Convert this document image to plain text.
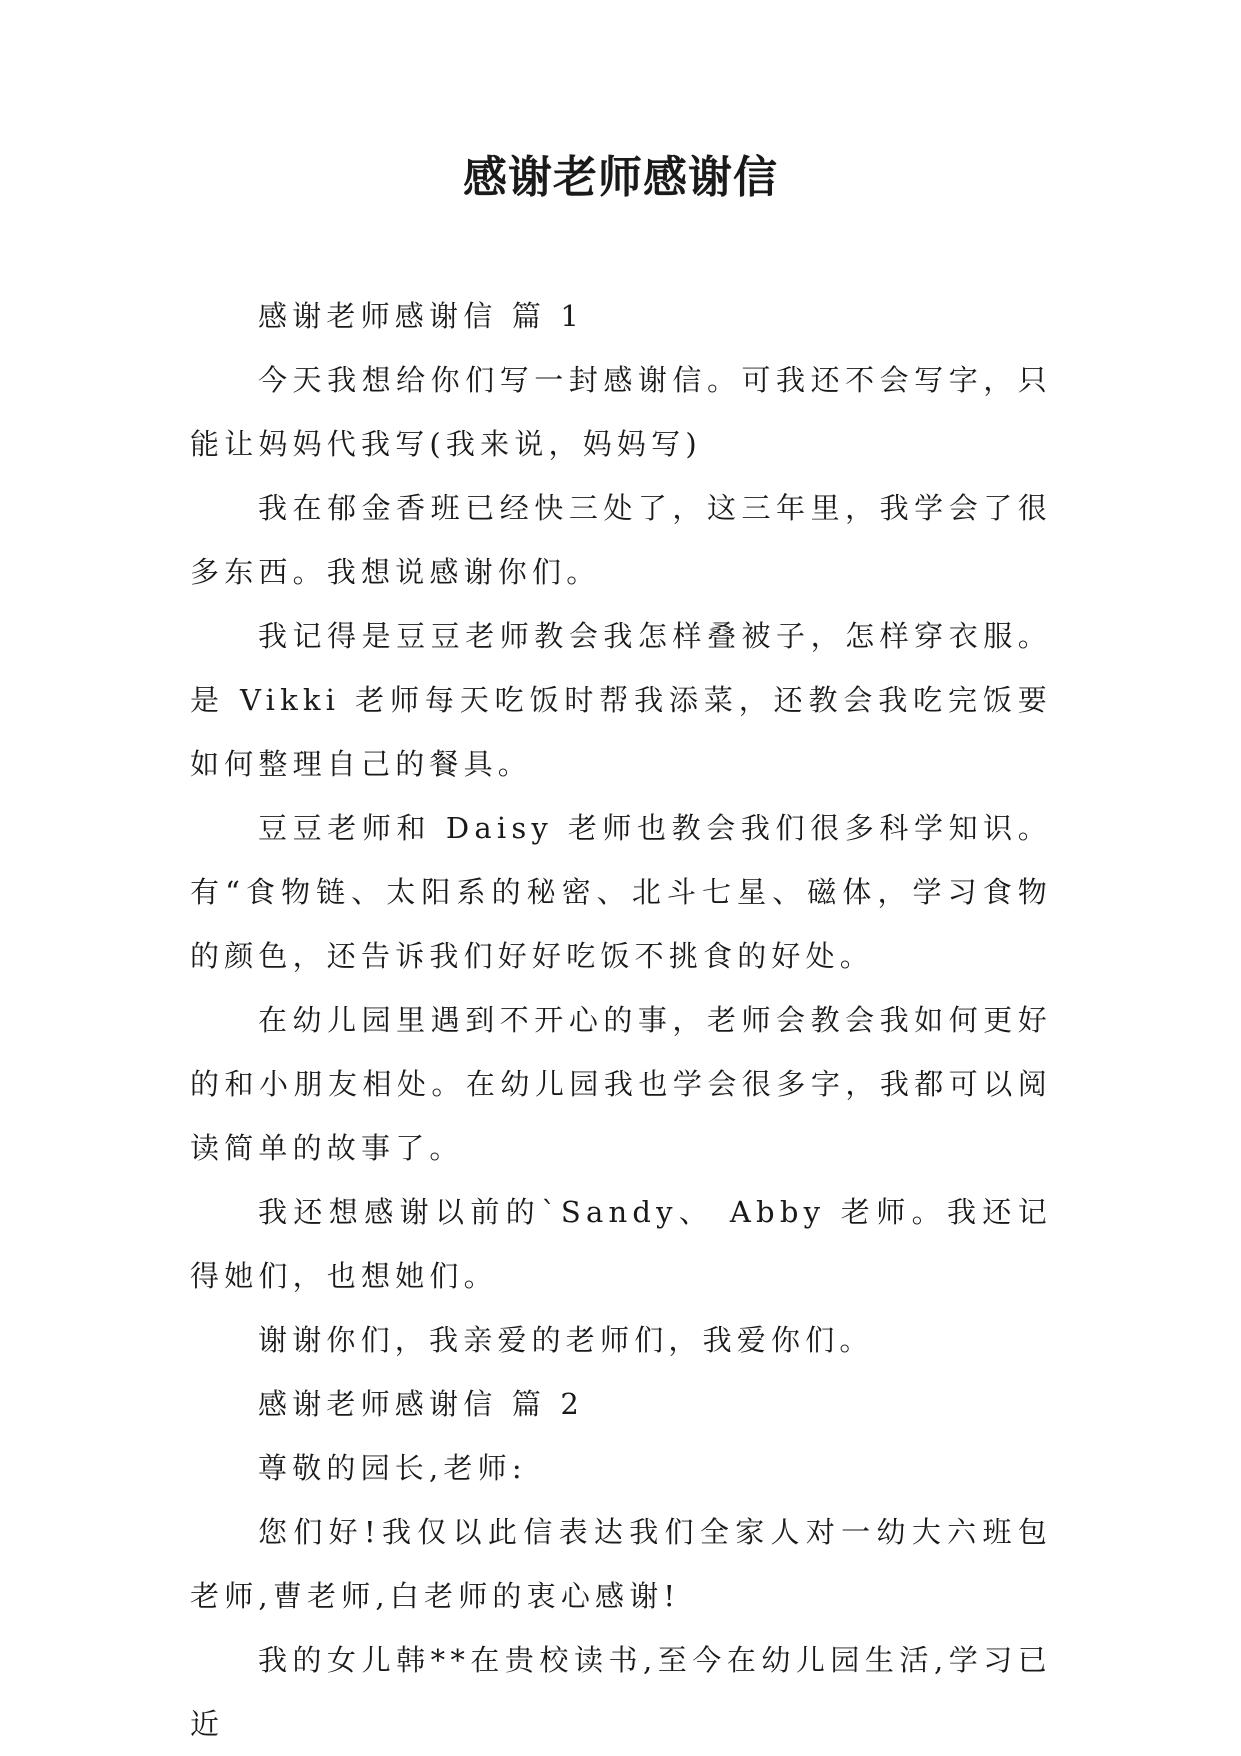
感谢老师感谢信

感谢老师感谢信 篇 1

今天我想给你们写一封感谢信。可我还不会写字，只能让妈妈代我写(我来说，妈妈写)

我在郁金香班已经快三处了，这三年里，我学会了很多东西。我想说感谢你们。

我记得是豆豆老师教会我怎样叠被子，怎样穿衣服。是 Vikki 老师每天吃饭时帮我添菜，还教会我吃完饭要如何整理自己的餐具。

豆豆老师和 Daisy 老师也教会我们很多科学知识。有“食物链、太阳系的秘密、北斗七星、磁体，学习食物的颜色，还告诉我们好好吃饭不挑食的好处。

在幼儿园里遇到不开心的事，老师会教会我如何更好的和小朋友相处。在幼儿园我也学会很多字，我都可以阅读简单的故事了。

我还想感谢以前的`Sandy、 Abby 老师。我还记得她们，也想她们。

谢谢你们，我亲爱的老师们，我爱你们。

感谢老师感谢信 篇 2

尊敬的园长,老师:

您们好!我仅以此信表达我们全家人对一幼大六班包老师,曹老师,白老师的衷心感谢!

我的女儿韩**在贵校读书,至今在幼儿园生活,学习已近
